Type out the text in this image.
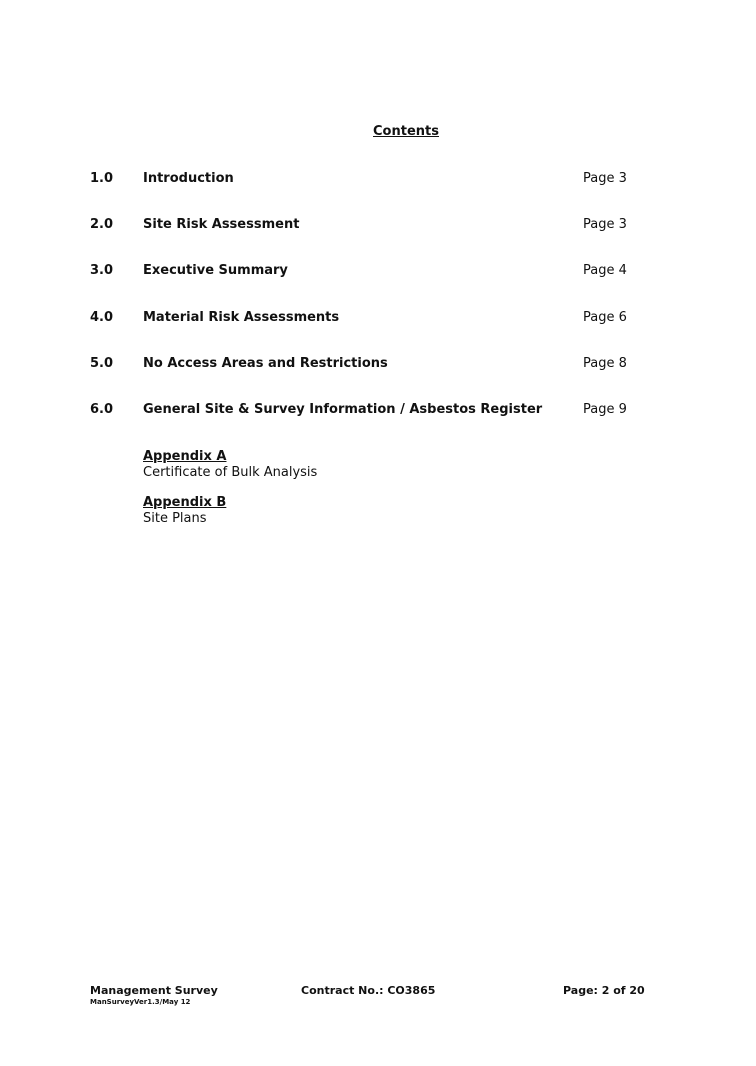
Contents
1.0 Introduction	Page 3
2.0 Site Risk Assessment	Page 3
3.0 Executive Summary	Page 4
4.0 Material Risk Assessments	Page 6
5.0 No Access Areas and Restrictions	Page 8
6.0 General Site & Survey Information / Asbestos Register	Page 9
Appendix A
Certificate of Bulk Analysis
Appendix B
Site Plans
Management Survey
ManSurveyVer1.3/May 12
Contract No.: CO3865	Page: 2 of 20
